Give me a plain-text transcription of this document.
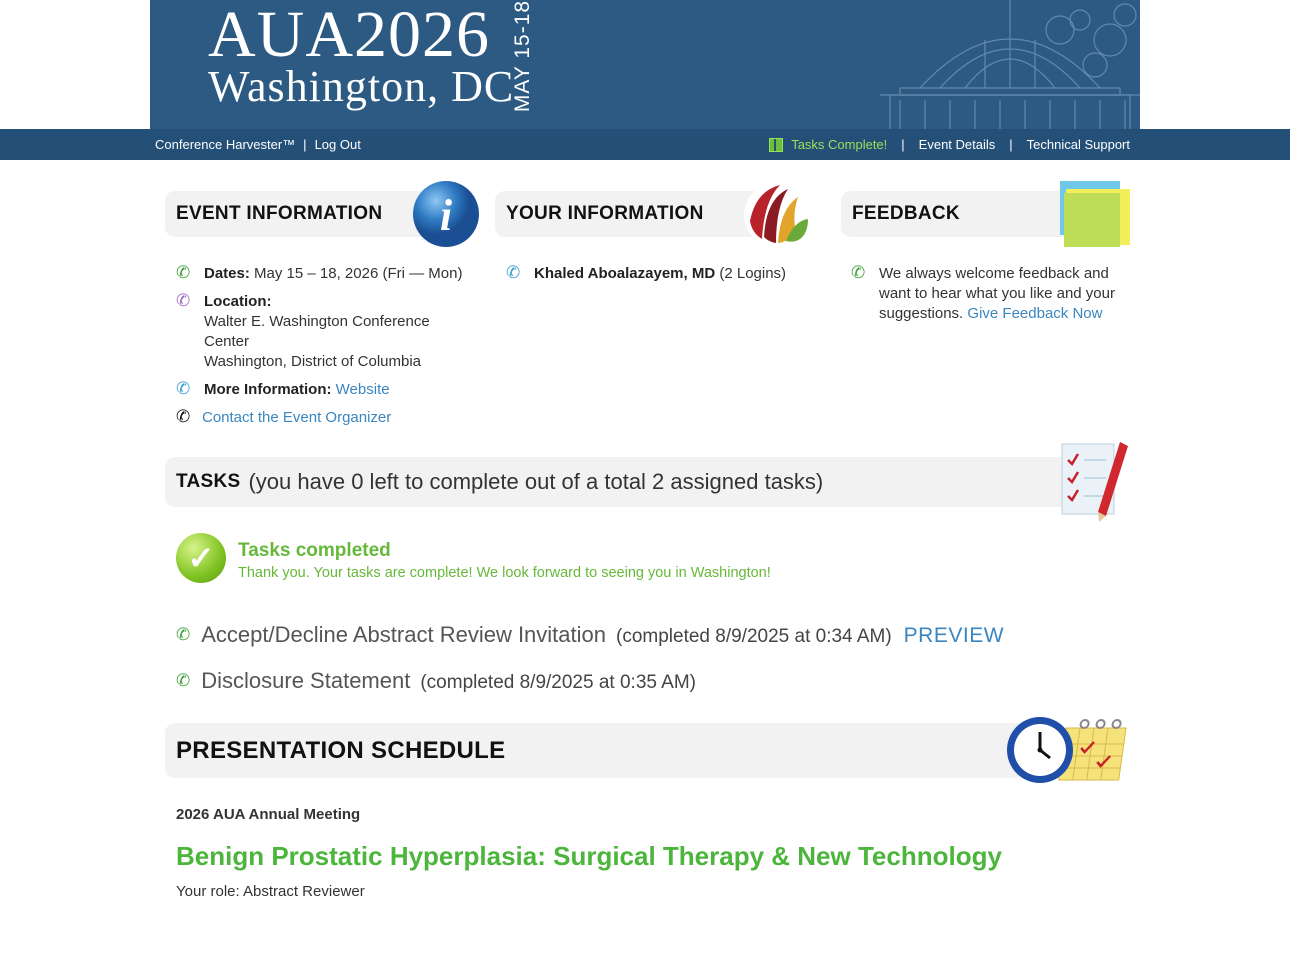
AUA2026
Washington, DC
MAY 15-18
Conference Harvester™ | Log Out	Tasks Complete! | Event Details | Technical Support
EVENT INFORMATION i	YOUR INFORMATION	FEEDBACK
✆ Dates: May 15 – 18, 2026 (Fri — Mon)
✆ Location:
Walter E. Washington Conference
Center
Washington, District of Columbia
✆ More Information: Website
✆ Contact the Event Organizer
✆ Khaled Aboalazayem, MD (2 Logins)	✆ We always welcome feedback and want to hear what you like and your suggestions. Give Feedback Now
TASKS (you have 0 left to complete out of a total 2 assigned tasks)
✓	Tasks completed
Thank you. Your tasks are complete! We look forward to seeing you in Washington!
✆ Accept/Decline Abstract Review Invitation (completed 8/9/2025 at 0:34 AM) PREVIEW
✆ Disclosure Statement (completed 8/9/2025 at 0:35 AM)
PRESENTATION SCHEDULE
2026 AUA Annual Meeting
Benign Prostatic Hyperplasia: Surgical Therapy & New Technology
Your role: Abstract Reviewer
